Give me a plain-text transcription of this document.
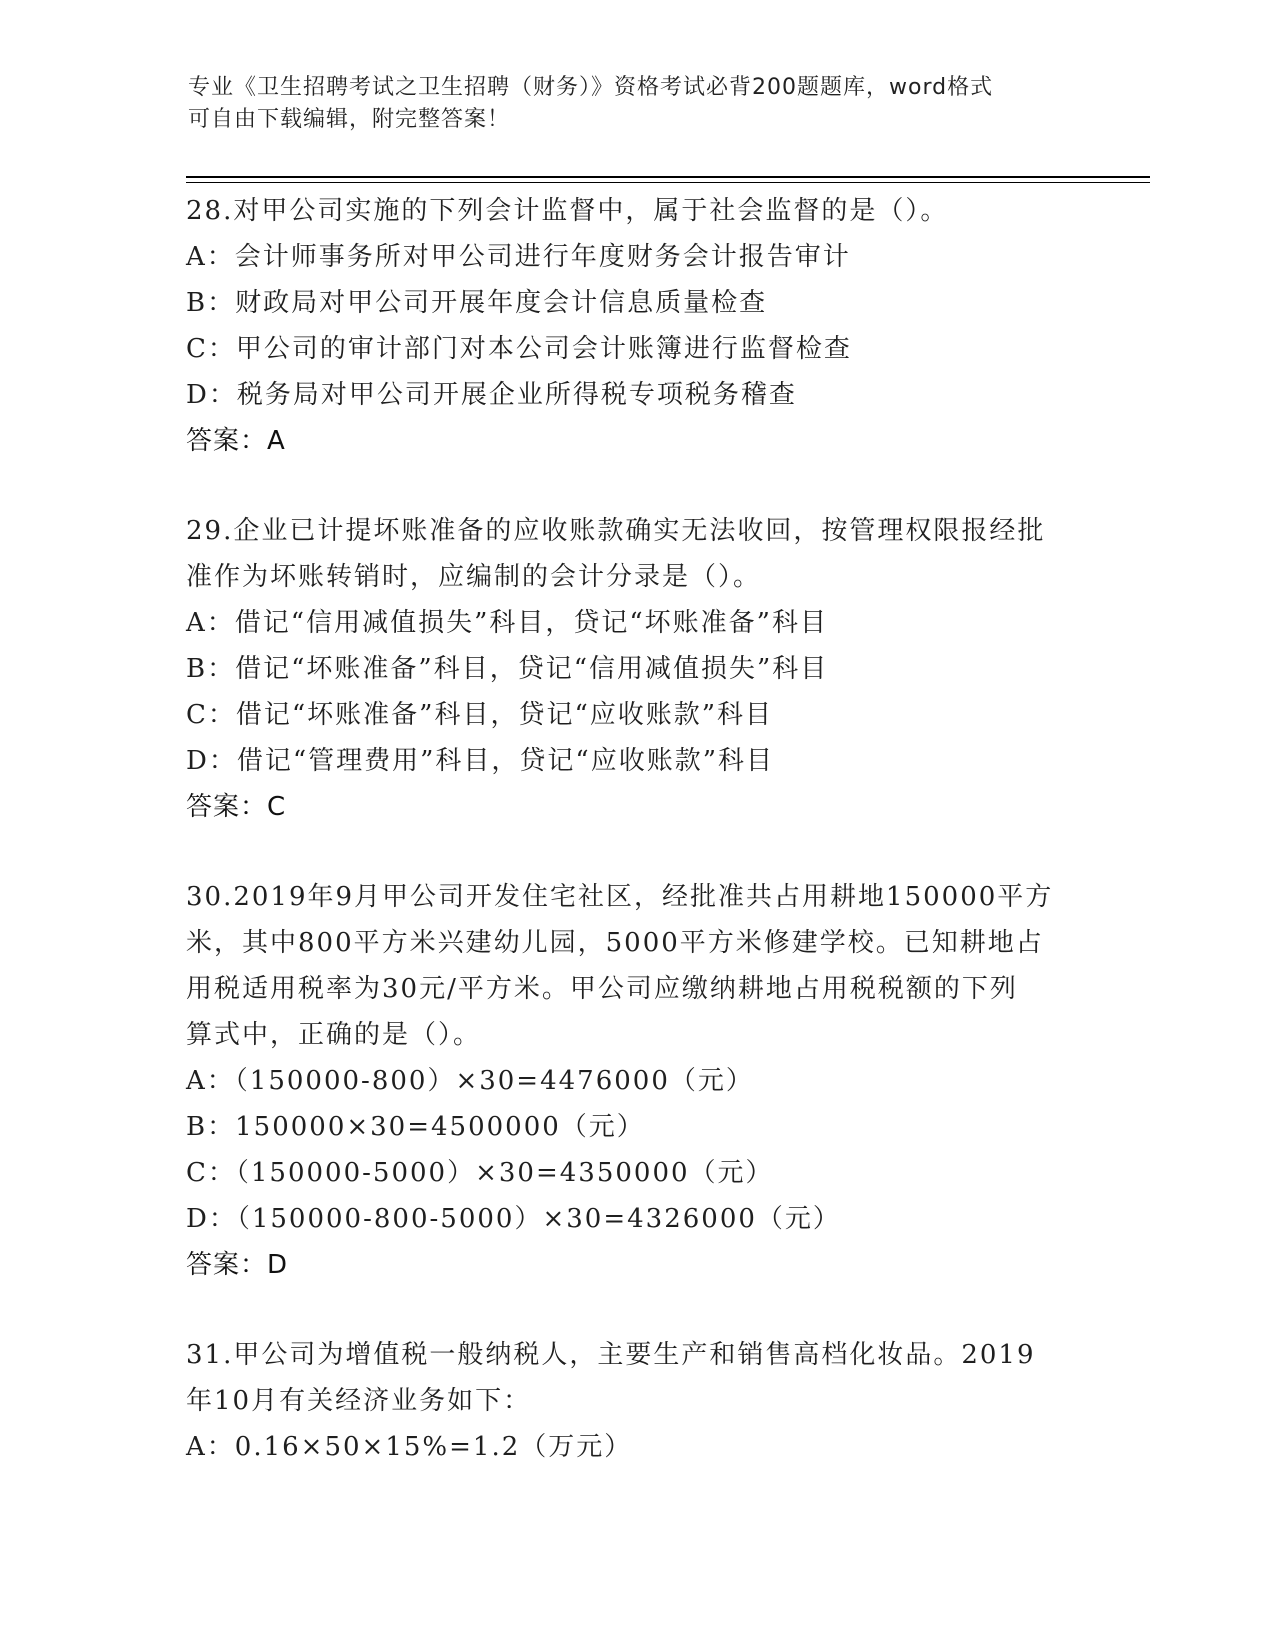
专业《卫生招聘考试之卫生招聘（财务）》资格考试必背200题题库，word格式
可自由下载编辑，附完整答案！
28.对甲公司实施的下列会计监督中，属于社会监督的是（）。
A：会计师事务所对甲公司进行年度财务会计报告审计
B：财政局对甲公司开展年度会计信息质量检查
C：甲公司的审计部门对本公司会计账簿进行监督检查
D：税务局对甲公司开展企业所得税专项税务稽查
答案：A
29.企业已计提坏账准备的应收账款确实无法收回，按管理权限报经批
准作为坏账转销时，应编制的会计分录是（）。
A：借记“信用减值损失”科目，贷记“坏账准备”科目
B：借记“坏账准备”科目，贷记“信用减值损失”科目
C：借记“坏账准备”科目，贷记“应收账款”科目
D：借记“管理费用”科目，贷记“应收账款”科目
答案：C
30.2019年9月甲公司开发住宅社区，经批准共占用耕地150000平方
米，其中800平方米兴建幼儿园，5000平方米修建学校。已知耕地占
用税适用税率为30元/平方米。甲公司应缴纳耕地占用税税额的下列
算式中，正确的是（）。
A：（150000-800）×30=4476000（元）
B：150000×30=4500000（元）
C：（150000-5000）×30=4350000（元）
D：（150000-800-5000）×30=4326000（元）
答案：D
31.甲公司为增值税一般纳税人，主要生产和销售高档化妆品。2019
年10月有关经济业务如下：
A：0.16×50×15%=1.2（万元）
